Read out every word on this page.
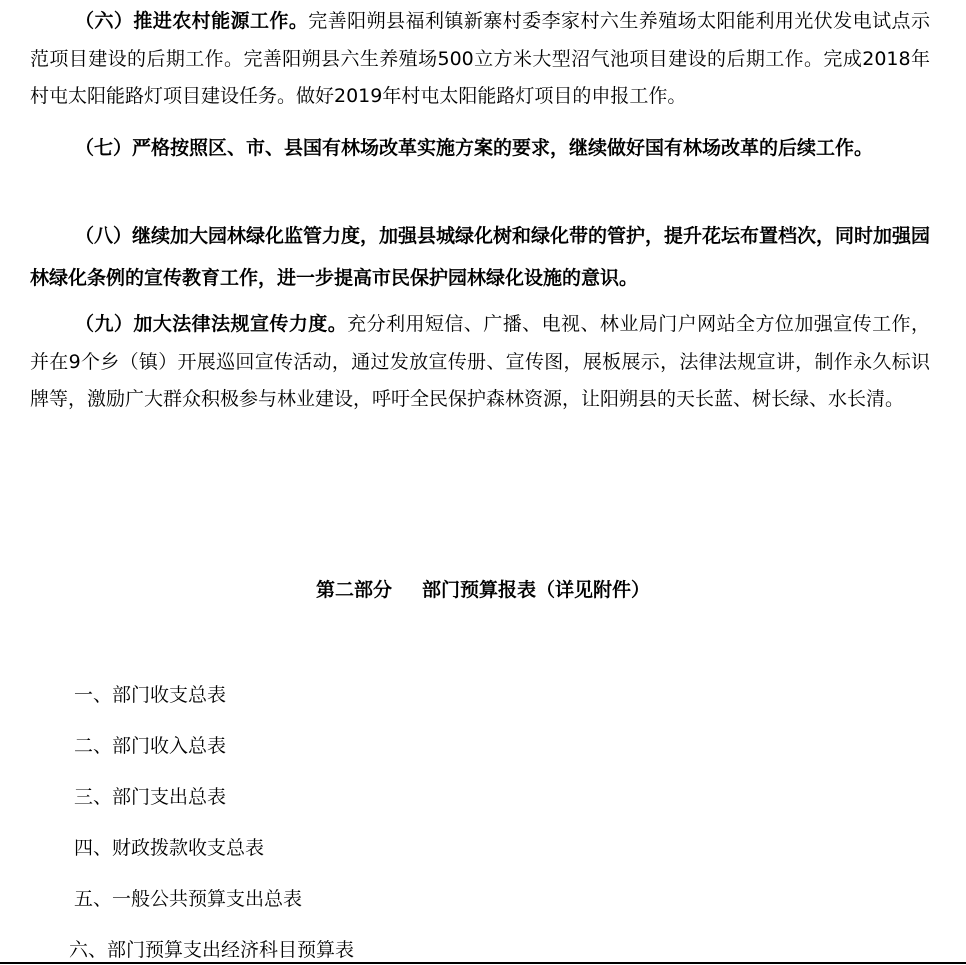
（六）推进农村能源工作。完善阳朔县福利镇新寨村委李家村六生养殖场太阳能利用光伏发电试点示范项目建设的后期工作。完善阳朔县六生养殖场500立方米大型沼气池项目建设的后期工作。完成2018年村屯太阳能路灯项目建设任务。做好2019年村屯太阳能路灯项目的申报工作。

（七）严格按照区、市、县国有林场改革实施方案的要求，继续做好国有林场改革的后续工作。

（八）继续加大园林绿化监管力度，加强县城绿化树和绿化带的管护，提升花坛布置档次，同时加强园林绿化条例的宣传教育工作，进一步提高市民保护园林绿化设施的意识。

（九）加大法律法规宣传力度。充分利用短信、广播、电视、林业局门户网站全方位加强宣传工作，并在9个乡（镇）开展巡回宣传活动，通过发放宣传册、宣传图，展板展示，法律法规宣讲，制作永久标识牌等，激励广大群众积极参与林业建设，呼吁全民保护森林资源，让阳朔县的天长蓝、树长绿、水长清。

第二部分 部门预算报表（详见附件）
一、部门收支总表
二、部门收入总表
三、部门支出总表
四、财政拨款收支总表
五、一般公共预算支出总表
六、部门预算支出经济科目预算表
